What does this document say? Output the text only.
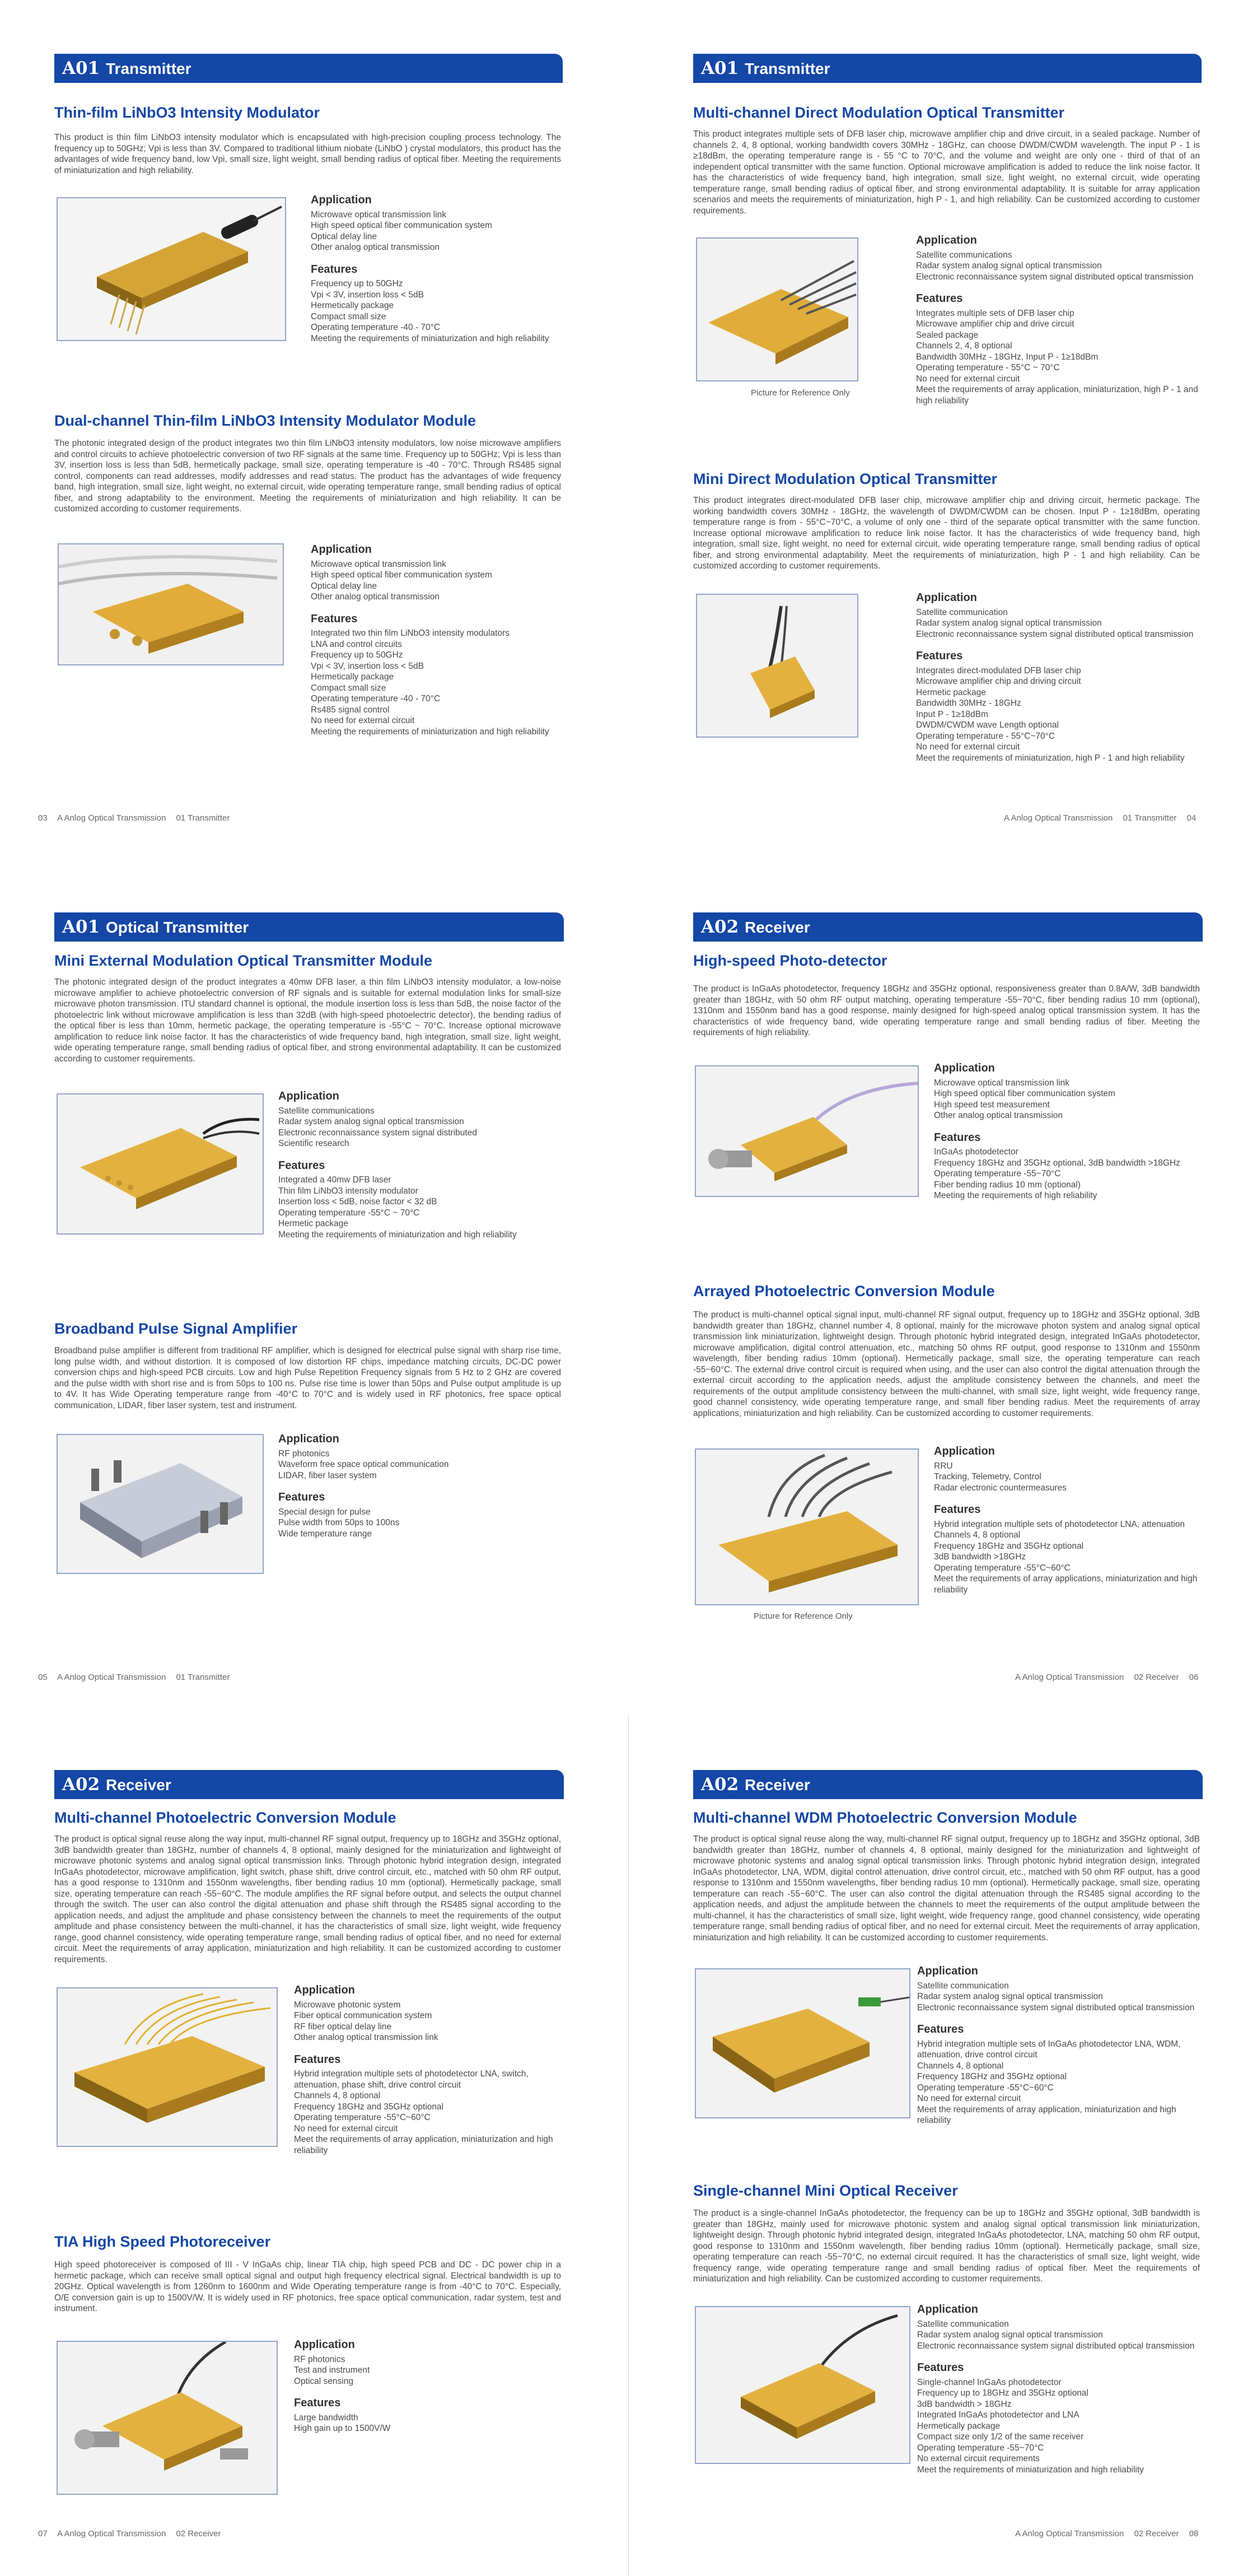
A01 Transmitter
Thin-film LiNbO3 Intensity Modulator
This product is thin film LiNbO3 intensity modulator which is encapsulated with high-precision coupling process technology. The frequency up to 50GHz; Vpi is less than 3V. Compared to traditional lithium niobate (LiNbO ) crystal modulators, this product has the advantages of wide frequency band, low Vpi, small size, light weight, small bending radius of optical fiber. Meeting the requirements of miniaturization and high reliability.
Application
Microwave optical transmission link
High speed optical fiber communication system
Optical delay line
Other analog optical transmission
Features
Frequency up to 50GHz
Vpi < 3V, insertion loss < 5dB
Hermetically package
Compact small size
Operating temperature -40 - 70°C
Meeting the requirements of miniaturization and high reliability
Dual-channel Thin-film LiNbO3 Intensity Modulator Module
The photonic integrated design of the product integrates two thin film LiNbO3 intensity modulators, low noise microwave amplifiers and control circuits to achieve photoelectric conversion of two RF signals at the same time. Frequency up to 50GHz; Vpi is less than 3V, insertion loss is less than 5dB, hermetically package, small size, operating temperature is -40 - 70°C. Through RS485 signal control, components can read addresses, modify addresses and read status. The product has the advantages of wide frequency band, high integration, small size, light weight, no external circuit, wide operating temperature range, small bending radius of optical fiber, and strong adaptability to the environment. Meeting the requirements of miniaturization and high reliability. It can be customized according to customer requirements.
Application
Microwave optical transmission link
High speed optical fiber communication system
Optical delay line
Other analog optical transmission
Features
Integrated two thin film LiNbO3 intensity modulators
LNA and control circuits
Frequency up to 50GHz
Vpi < 3V, insertion loss < 5dB
Hermetically package
Compact small size
Operating temperature -40 - 70°C
Rs485 signal control
No need for external circuit
Meeting the requirements of miniaturization and high reliability
03 A Anlog Optical Transmission 01 Transmitter
A01 Transmitter
Multi-channel Direct Modulation Optical Transmitter
This product integrates multiple sets of DFB laser chip, microwave amplifier chip and drive circuit, in a sealed package. Number of channels 2, 4, 8 optional, working bandwidth covers 30MHz - 18GHz, can choose DWDM/CWDM wavelength. The input P - 1 is ≥18dBm, the operating temperature range is - 55 °C to 70°C, and the volume and weight are only one - third of that of an independent optical transmitter with the same function. Optional microwave amplification is added to reduce the link noise factor. It has the characteristics of wide frequency band, high integration, small size, light weight, no external circuit, wide operating temperature range, small bending radius of optical fiber, and strong environmental adaptability. It is suitable for array application scenarios and meets the requirements of miniaturization, high P - 1, and high reliability. Can be customized according to customer requirements.
Picture for Reference Only
Application
Satellite communications
Radar system analog signal optical transmission
Electronic reconnaissance system signal distributed optical transmission
Features
Integrates multiple sets of DFB laser chip
Microwave amplifier chip and drive circuit
Sealed package
Channels 2, 4, 8 optional
Bandwidth 30MHz - 18GHz, Input P - 1≥18dBm
Operating temperature - 55°C ~ 70°C
No need for external circuit
Meet the requirements of array application, miniaturization, high P - 1 and high reliability
Mini Direct Modulation Optical Transmitter
This product integrates direct-modulated DFB laser chip, microwave amplifier chip and driving circuit, hermetic package. The working bandwidth covers 30MHz - 18GHz, the wavelength of DWDM/CWDM can be chosen. Input P - 1≥18dBm, operating temperature range is from - 55°C~70°C, a volume of only one - third of the separate optical transmitter with the same function. Increase optional microwave amplification to reduce link noise factor. It has the characteristics of wide frequency band, high integration, small size, light weight, no need for external circuit, wide operating temperature range, small bending radius of optical fiber, and strong environmental adaptability. Meet the requirements of miniaturization, high P - 1 and high reliability. Can be customized according to customer requirements.
Application
Satellite communication
Radar system analog signal optical transmission
Electronic reconnaissance system signal distributed optical transmission
Features
Integrates direct-modulated DFB laser chip
Microwave amplifier chip and driving circuit
Hermetic package
Bandwidth 30MHz - 18GHz
Input P - 1≥18dBm
DWDM/CWDM wave Length optional
Operating temperature - 55°C~70°C
No need for external circuit
Meet the requirements of miniaturization, high P - 1 and high reliability
A Anlog Optical Transmission 01 Transmitter 04
A01 Optical Transmitter
Mini External Modulation Optical Transmitter Module
The photonic integrated design of the product integrates a 40mw DFB laser, a thin film LiNbO3 intensity modulator, a low-noise microwave amplifier to achieve photoelectric conversion of RF signals and is suitable for external modulation links for small-size microwave photon transmission. ITU standard channel is optional, the module insertion loss is less than 5dB, the noise factor of the photoelectric link without microwave amplification is less than 32dB (with high-speed photoelectric detector), the bending radius of the optical fiber is less than 10mm, hermetic package, the operating temperature is -55°C ~ 70°C. Increase optional microwave amplification to reduce link noise factor. It has the characteristics of wide frequency band, high integration, small size, light weight, wide operating temperature range, small bending radius of optical fiber, and strong environmental adaptability. It can be customized according to customer requirements.
Application
Satellite communications
Radar system analog signal optical transmission
Electronic reconnaissance system signal distributed
Scientific research
Features
Integrated a 40mw DFB laser
Thin film LiNbO3 intensity modulator
Insertion loss < 5dB, noise factor < 32 dB
Operating temperature -55°C ~ 70°C
Hermetic package
Meeting the requirements of miniaturization and high reliability
Broadband Pulse Signal Amplifier
Broadband pulse amplifier is different from traditional RF amplifier, which is designed for electrical pulse signal with sharp rise time, long pulse width, and without distortion. It is composed of low distortion RF chips, impedance matching circuits, DC-DC power conversion chips and high-speed PCB circuits. Low and high Pulse Repetition Frequency signals from 5 Hz to 2 GHz are covered and the pulse width with short rise and is from 50ps to 100 ns. Pulse rise time is lower than 50ps and Pulse output amplitude is up to 4V. It has Wide Operating temperature range from -40°C to 70°C and is widely used in RF photonics, free space optical communication, LIDAR, fiber laser system, test and instrument.
Application
RF photonics
Waveform free space optical communication
LIDAR, fiber laser system
Features
Special design for pulse
Pulse width from 50ps to 100ns
Wide temperature range
05 A Anlog Optical Transmission 01 Transmitter
A02 Receiver
High-speed Photo-detector
The product is InGaAs photodetector, frequency 18GHz and 35GHz optional, responsiveness greater than 0.8A/W, 3dB bandwidth greater than 18GHz, with 50 ohm RF output matching, operating temperature -55~70°C, fiber bending radius 10 mm (optional), 1310nm and 1550nm band has a good response, mainly designed for high-speed analog optical transmission system. It has the characteristics of wide frequency band, wide operating temperature range and small bending radius of fiber. Meeting the requirements of high reliability.
Application
Microwave optical transmission link
High speed optical fiber communication system
High speed test measurement
Other analog optical transmission
Features
InGaAs photodetector
Frequency 18GHz and 35GHz optional, 3dB bandwidth >18GHz
Operating temperature -55~70°C
Fiber bending radius 10 mm (optional)
Meeting the requirements of high reliability
Arrayed Photoelectric Conversion Module
The product is multi-channel optical signal input, multi-channel RF signal output, frequency up to 18GHz and 35GHz optional, 3dB bandwidth greater than 18GHz, channel number 4, 8 optional, mainly for the microwave photon system and analog signal optical transmission link miniaturization, lightweight design. Through photonic hybrid integrated design, integrated InGaAs photodetector, microwave amplification, digital control attenuation, etc., matching 50 ohms RF output, good response to 1310nm and 1550nm wavelength, fiber bending radius 10mm (optional). Hermetically package, small size, the operating temperature can reach -55~60°C. The external drive control circuit is required when using, and the user can also control the digital attenuation through the external circuit according to the application needs, adjust the amplitude consistency between the channels, and meet the requirements of the output amplitude consistency between the multi-channel, with small size, light weight, wide frequency range, good channel consistency, wide operating temperature range, and small fiber bending radius. Meet the requirements of array applications, miniaturization and high reliability. Can be customized according to customer requirements.
Picture for Reference Only
Application
RRU
Tracking, Telemetry, Control
Radar electronic countermeasures
Features
Hybrid integration multiple sets of photodetector LNA, attenuation
Channels 4, 8 optional
Frequency 18GHz and 35GHz optional
3dB bandwidth >18GHz
Operating temperature -55°C~60°C
Meet the requirements of array applications, miniaturization and high reliability
A Anlog Optical Transmission 02 Receiver 06
A02 Receiver
Multi-channel Photoelectric Conversion Module
The product is optical signal reuse along the way input, multi-channel RF signal output, frequency up to 18GHz and 35GHz optional, 3dB bandwidth greater than 18GHz, number of channels 4, 8 optional, mainly designed for the miniaturization and lightweight of microwave photonic systems and analog signal optical transmission links. Through photonic hybrid integration design, integrated InGaAs photodetector, microwave amplification, light switch, phase shift, drive control circuit, etc., matched with 50 ohm RF output, has a good response to 1310nm and 1550nm wavelengths, fiber bending radius 10 mm (optional). Hermetically package, small size, operating temperature can reach -55~60°C. The module amplifies the RF signal before output, and selects the output channel through the switch. The user can also control the digital attenuation and phase shift through the RS485 signal according to the application needs, and adjust the amplitude and phase consistency between the channels to meet the requirements of the output amplitude and phase consistency between the multi-channel, it has the characteristics of small size, light weight, wide frequency range, good channel consistency, wide operating temperature range, small bending radius of optical fiber, and no need for external circuit. Meet the requirements of array application, miniaturization and high reliability. It can be customized according to customer requirements.
Application
Microwave photonic system
Fiber optical communication system
RF fiber optical delay line
Other analog optical transmission link
Features
Hybrid integration multiple sets of photodetector LNA, switch, attenuation, phase shift, drive control circuit
Channels 4, 8 optional
Frequency 18GHz and 35GHz optional
Operating temperature -55°C~60°C
No need for external circuit
Meet the requirements of array application, miniaturization and high reliability
TIA High Speed Photoreceiver
High speed photoreceiver is composed of III - V InGaAs chip, linear TIA chip, high speed PCB and DC - DC power chip in a hermetic package, which can receive small optical signal and output high frequency electrical signal. Electrical bandwidth is up to 20GHz. Optical wavelength is from 1260nm to 1600nm and Wide Operating temperature range is from -40°C to 70°C. Especially, O/E conversion gain is up to 1500V/W. It is widely used in RF photonics, free space optical communication, radar system, test and instrument.
Application
RF photonics
Test and instrument
Optical sensing
Features
Large bandwidth
High gain up to 1500V/W
07 A Anlog Optical Transmission 02 Receiver
A02 Receiver
Multi-channel WDM Photoelectric Conversion Module
The product is optical signal reuse along the way, multi-channel RF signal output, frequency up to 18GHz and 35GHz optional, 3dB bandwidth greater than 18GHz, number of channels 4, 8 optional, mainly designed for the miniaturization and lightweight of microwave photonic systems and analog signal optical transmission links. Through photonic hybrid integration design, integrated InGaAs photodetector, LNA, WDM, digital control attenuation, drive control circuit, etc., matched with 50 ohm RF output, has a good response to 1310nm and 1550nm wavelengths, fiber bending radius 10 mm (optional). Hermetically package, small size, operating temperature can reach -55~60°C. The user can also control the digital attenuation through the RS485 signal according to the application needs, and adjust the amplitude between the channels to meet the requirements of the output amplitude between the multi-channel, it has the characteristics of small size, light weight, wide frequency range, good channel consistency, wide operating temperature range, small bending radius of optical fiber, and no need for external circuit. Meet the requirements of array application, miniaturization and high reliability. It can be customized according to customer requirements.
Application
Satellite communication
Radar system analog signal optical transmission
Electronic reconnaissance system signal distributed optical transmission
Features
Hybrid integration multiple sets of InGaAs photodetector LNA, WDM, attenuation, drive control circuit
Channels 4, 8 optional
Frequency 18GHz and 35GHz optional
Operating temperature -55°C~60°C
No need for external circuit
Meet the requirements of array application, miniaturization and high reliability
Single-channel Mini Optical Receiver
The product is a single-channel InGaAs photodetector, the frequency can be up to 18GHz and 35GHz optional, 3dB bandwidth is greater than 18GHz, mainly used for microwave photonic system and analog signal optical transmission link miniaturization, lightweight design. Through photonic hybrid integrated design, integrated InGaAs photodetector, LNA, matching 50 ohm RF output, good response to 1310nm and 1550nm wavelength, fiber bending radius 10mm (optional). Hermetically package, small size, operating temperature can reach -55~70°C, no external circuit required. It has the characteristics of small size, light weight, wide frequency range, wide operating temperature range and small bending radius of optical fiber. Meet the requirements of miniaturization and high reliability. Can be customized according to customer requirements.
Application
Satellite communication
Radar system analog signal optical transmission
Electronic reconnaissance system signal distributed optical transmission
Features
Single-channel InGaAs photodetector
Frequency up to 18GHz and 35GHz optional
3dB bandwidth > 18GHz
Integrated InGaAs photodetector and LNA
Hermetically package
Compact size only 1/2 of the same receiver
Operating temperature -55~70°C
No external circuit requirements
Meet the requirements of miniaturization and high reliability
A Anlog Optical Transmission 02 Receiver 08
